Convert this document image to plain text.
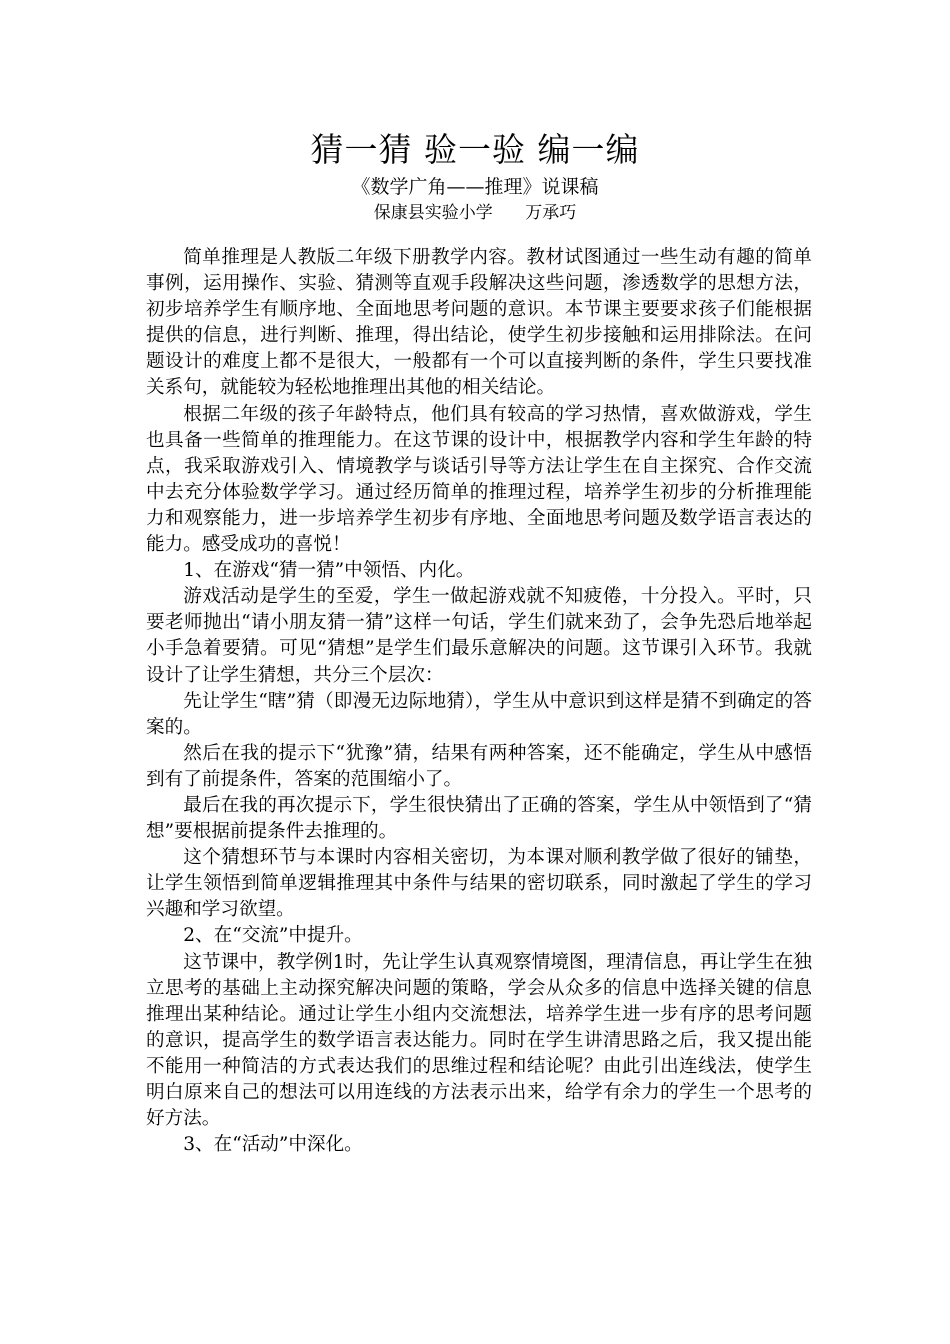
猜一猜 验一验 编一编
《数学广角——推理》说课稿
保康县实验小学      万承巧

简单推理是人教版二年级下册教学内容。教材试图通过一些生动有趣的简单事例，运用操作、实验、猜测等直观手段解决这些问题，渗透数学的思想方法，初步培养学生有顺序地、全面地思考问题的意识。本节课主要要求孩子们能根据提供的信息，进行判断、推理，得出结论，使学生初步接触和运用排除法。在问题设计的难度上都不是很大，一般都有一个可以直接判断的条件，学生只要找准关系句，就能较为轻松地推理出其他的相关结论。

根据二年级的孩子年龄特点，他们具有较高的学习热情，喜欢做游戏，学生也具备一些简单的推理能力。在这节课的设计中，根据教学内容和学生年龄的特点，我采取游戏引入、情境教学与谈话引导等方法让学生在自主探究、合作交流中去充分体验数学学习。通过经历简单的推理过程，培养学生初步的分析推理能力和观察能力，进一步培养学生初步有序地、全面地思考问题及数学语言表达的能力。感受成功的喜悦！

1、在游戏“猜一猜”中领悟、内化。

游戏活动是学生的至爱，学生一做起游戏就不知疲倦，十分投入。平时，只要老师抛出“请小朋友猜一猜”这样一句话，学生们就来劲了，会争先恐后地举起小手急着要猜。可见“猜想”是学生们最乐意解决的问题。这节课引入环节。我就设计了让学生猜想，共分三个层次：

先让学生“瞎”猜（即漫无边际地猜），学生从中意识到这样是猜不到确定的答案的。

然后在我的提示下“犹豫”猜，结果有两种答案，还不能确定，学生从中感悟到有了前提条件，答案的范围缩小了。

最后在我的再次提示下，学生很快猜出了正确的答案，学生从中领悟到了“猜想”要根据前提条件去推理的。

这个猜想环节与本课时内容相关密切，为本课对顺利教学做了很好的铺垫，让学生领悟到简单逻辑推理其中条件与结果的密切联系，同时激起了学生的学习兴趣和学习欲望。

2、在“交流”中提升。

这节课中，教学例1时，先让学生认真观察情境图，理清信息，再让学生在独立思考的基础上主动探究解决问题的策略，学会从众多的信息中选择关键的信息推理出某种结论。通过让学生小组内交流想法，培养学生进一步有序的思考问题的意识，提高学生的数学语言表达能力。同时在学生讲清思路之后，我又提出能不能用一种简洁的方式表达我们的思维过程和结论呢？由此引出连线法，使学生明白原来自己的想法可以用连线的方法表示出来，给学有余力的学生一个思考的好方法。

3、在“活动”中深化。
